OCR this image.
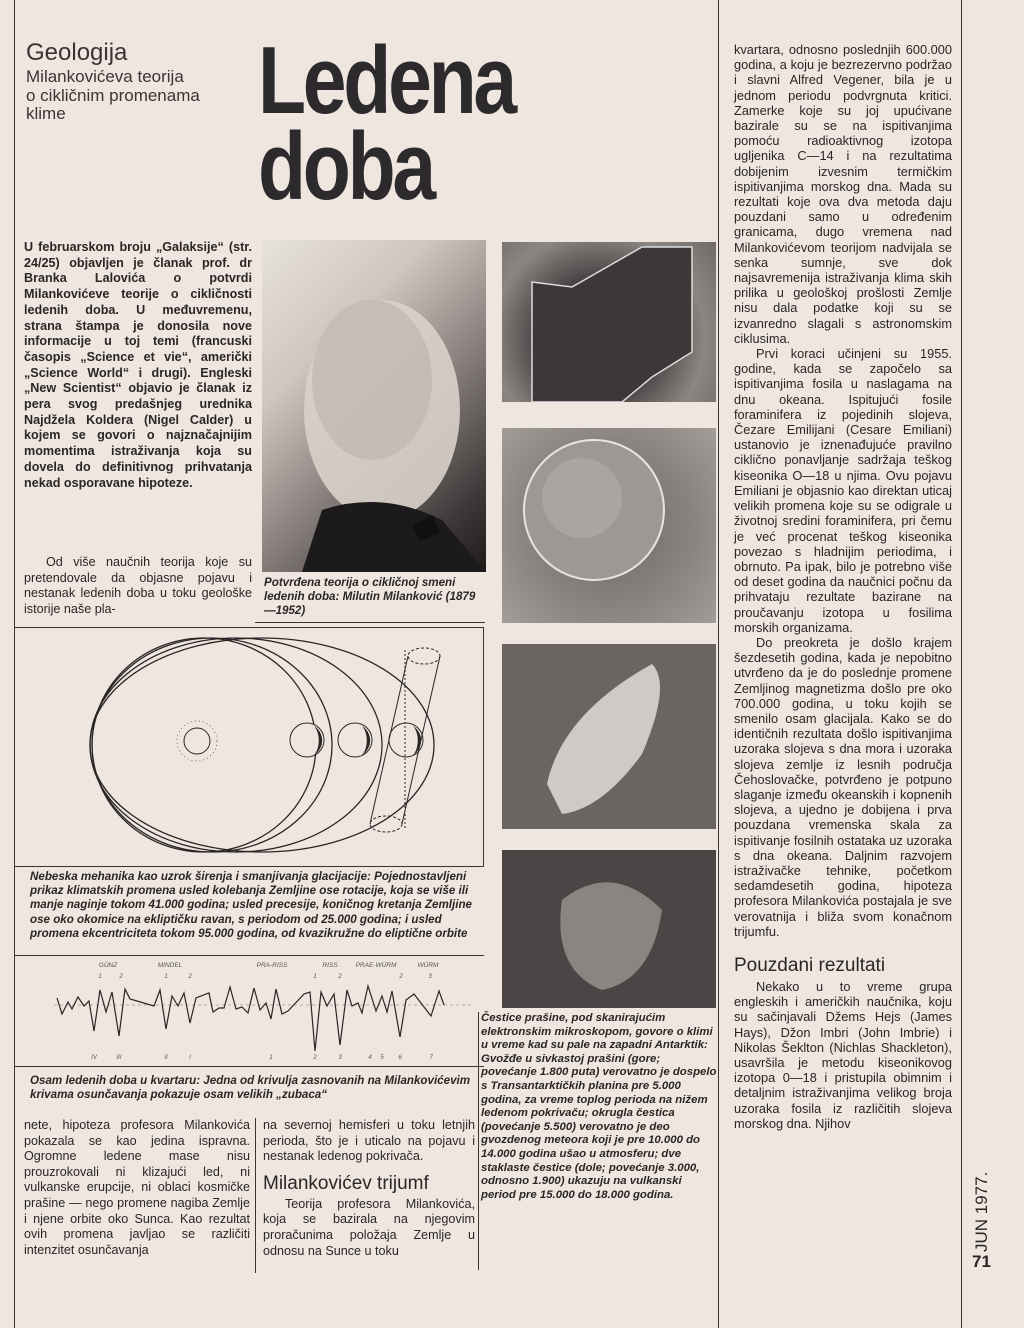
Geologija
Milankovićeva teorija
o cikličnim promenama
klime	Ledena
doba
U februarskom broju „Galaksije“ (str. 24/25) objavljen je članak prof. dr Branka Lalovića o potvrdi Milankovićeve teorije o cikličnosti ledenih doba. U međuvremenu, strana štampa je donosila nove informacije u toj temi (francuski časopis „Science et vie“, američki „Science World“ i drugi). Engleski „New Scientist“ objavio je članak iz pera svog predašnjeg urednika Najdžela Koldera (Nigel Calder) u kojem se govori o najznačajnijim momentima istraživanja koja su dovela do definitivnog prihvatanja nekad osporavane hipoteze.

Od više naučnih teorija koje su pretendovale da objasne pojavu i nestanak ledenih doba u toku geološke istorije naše pla-

Potvrđena teorija o cikličnoj smeni ledenih doba: Milutin Milanković (1879—1952)
Nebeska mehanika kao uzrok širenja i smanjivanja glacijacije: Pojednostavljeni prikaz klimatskih promena usled kolebanja Zemljine ose rotacije, koja se više ili manje naginje tokom 41.000 godina; usled precesije, koničnog kretanja Zemljine ose oko okomice na ekliptičku ravan, s periodom od 25.000 godina; i usled promena ekcentriciteta tokom 95.000 godina, od kvazikružne do eliptične orbite
GÜNZ	MINDEL	PRA-RISS	RISS	PRAE-WÜRM	WÜRM
1	2	1	2	1	2	2	3
IV	III	II	I	1	2	3	4 5 6	7
Osam ledenih doba u kvartaru: Jedna od krivulja zasnovanih na Milankovićevim krivama osunčavanja pokazuje osam velikih „zubaca“

nete, hipoteza profesora Milankovića pokazala se kao jedina ispravna. Ogromne ledene mase nisu prouzrokovali ni klizajući led, ni vulkanske erupcije, ni oblaci kosmičke prašine — nego promene nagiba Zemlje i njene orbite oko Sunca. Kao rezultat ovih promena javljao se različiti intenzitet osunčavanja

na severnoj hemisferi u toku letnjih perioda, što je i uticalo na pojavu i nestanak ledenog pokrivača.

Milankovićev trijumf

Teorija profesora Milankovića, koja se bazirala na njegovim proračunima položaja Zemlje u odnosu na Sunce u toku

Čestice prašine, pod skanirajućim elektronskim mikroskopom, govore o klimi u vreme kad su pale na zapadni Antarktik: Gvožđe u sivkastoj prašini (gore; povećanje 1.800 puta) verovatno je dospelo s Transantarktičkih planina pre 5.000 godina, za vreme toplog perioda na nižem ledenom pokrivaču; okrugla čestica (povećanje 5.500) verovatno je deo gvozdenog meteora koji je pre 10.000 do 14.000 godina ušao u atmosferu; dve staklaste čestice (dole; povećanje 3.000, odnosno 1.900) ukazuju na vulkanski period pre 15.000 do 18.000 godina.

kvartara, odnosno poslednjih 600.000 godina, a koju je bezrezervno podržao i slavni Alfred Vegener, bila je u jednom periodu podvrgnuta kritici. Zamerke koje su joj upućivane bazirale su se na ispitivanjima pomoću radioaktivnog izotopa ugljenika C—14 i na rezultatima dobijenim izvesnim termičkim ispitivanjima morskog dna. Mada su rezultati koje ova dva metoda daju pouzdani samo u određenim granicama, dugo vremena nad Milankovićevom teorijom nadvijala se senka sumnje, sve dok najsavremenija istraživanja klima skih prilika u geološkoj prošlosti Zemlje nisu dala podatke koji su se izvanredno slagali s astronomskim ciklusima.

Prvi koraci učinjeni su 1955. godine, kada se započelo sa ispitivanjima fosila u naslagama na dnu okeana. Ispitujući fosile foraminifera iz pojedinih slojeva, Čezare Emilijani (Cesare Emiliani) ustanovio je iznenađujuće pravilno ciklično ponavljanje sadržaja teškog kiseonika O—18 u njima. Ovu pojavu Emiliani je objasnio kao direktan uticaj velikih promena koje su se odigrale u životnoj sredini foraminifera, pri čemu je već procenat teškog kiseonika povezao s hladnijim periodima, i obrnuto. Pa ipak, bilo je potrebno više od deset godina da naučnici počnu da prihvataju rezultate bazirane na proučavanju izotopa u fosilima morskih organizama.

Do preokreta je došlo krajem šezdesetih godina, kada je nepobitno utvrđeno da je do poslednje promene Zemljinog magnetizma došlo pre oko 700.000 godina, u toku kojih se smenilo osam glacijala. Kako se do identičnih rezultata došlo ispitivanjima uzoraka slojeva s dna mora i uzoraka slojeva zemlje iz lesnih područja Čehoslovačke, potvrđeno je potpuno slaganje između okeanskih i kopnenih slojeva, a ujedno je dobijena i prva pouzdana vremenska skala za ispitivanje fosilnih ostataka uz uzoraka s dna okeana. Daljnim razvojem istraživačke tehnike, početkom sedamdesetih godina, hipoteza profesora Milankovića postajala je sve verovatnija i bliža svom konačnom trijumfu.

Pouzdani rezultati

Nekako u to vreme grupa engleskih i američkih naučnika, koju su sačinjavali Džems Hejs (James Hays), Džon Imbri (John Imbrie) i Nikolas Šeklton (Nichlas Shackleton), usavršila je metodu kiseonikovog izotopa 0—18 i pristupila obimnim i detaljnim istraživanjima velikog broja uzoraka fosila iz različitih slojeva morskog dna. Njihov

JUN 1977.
71
